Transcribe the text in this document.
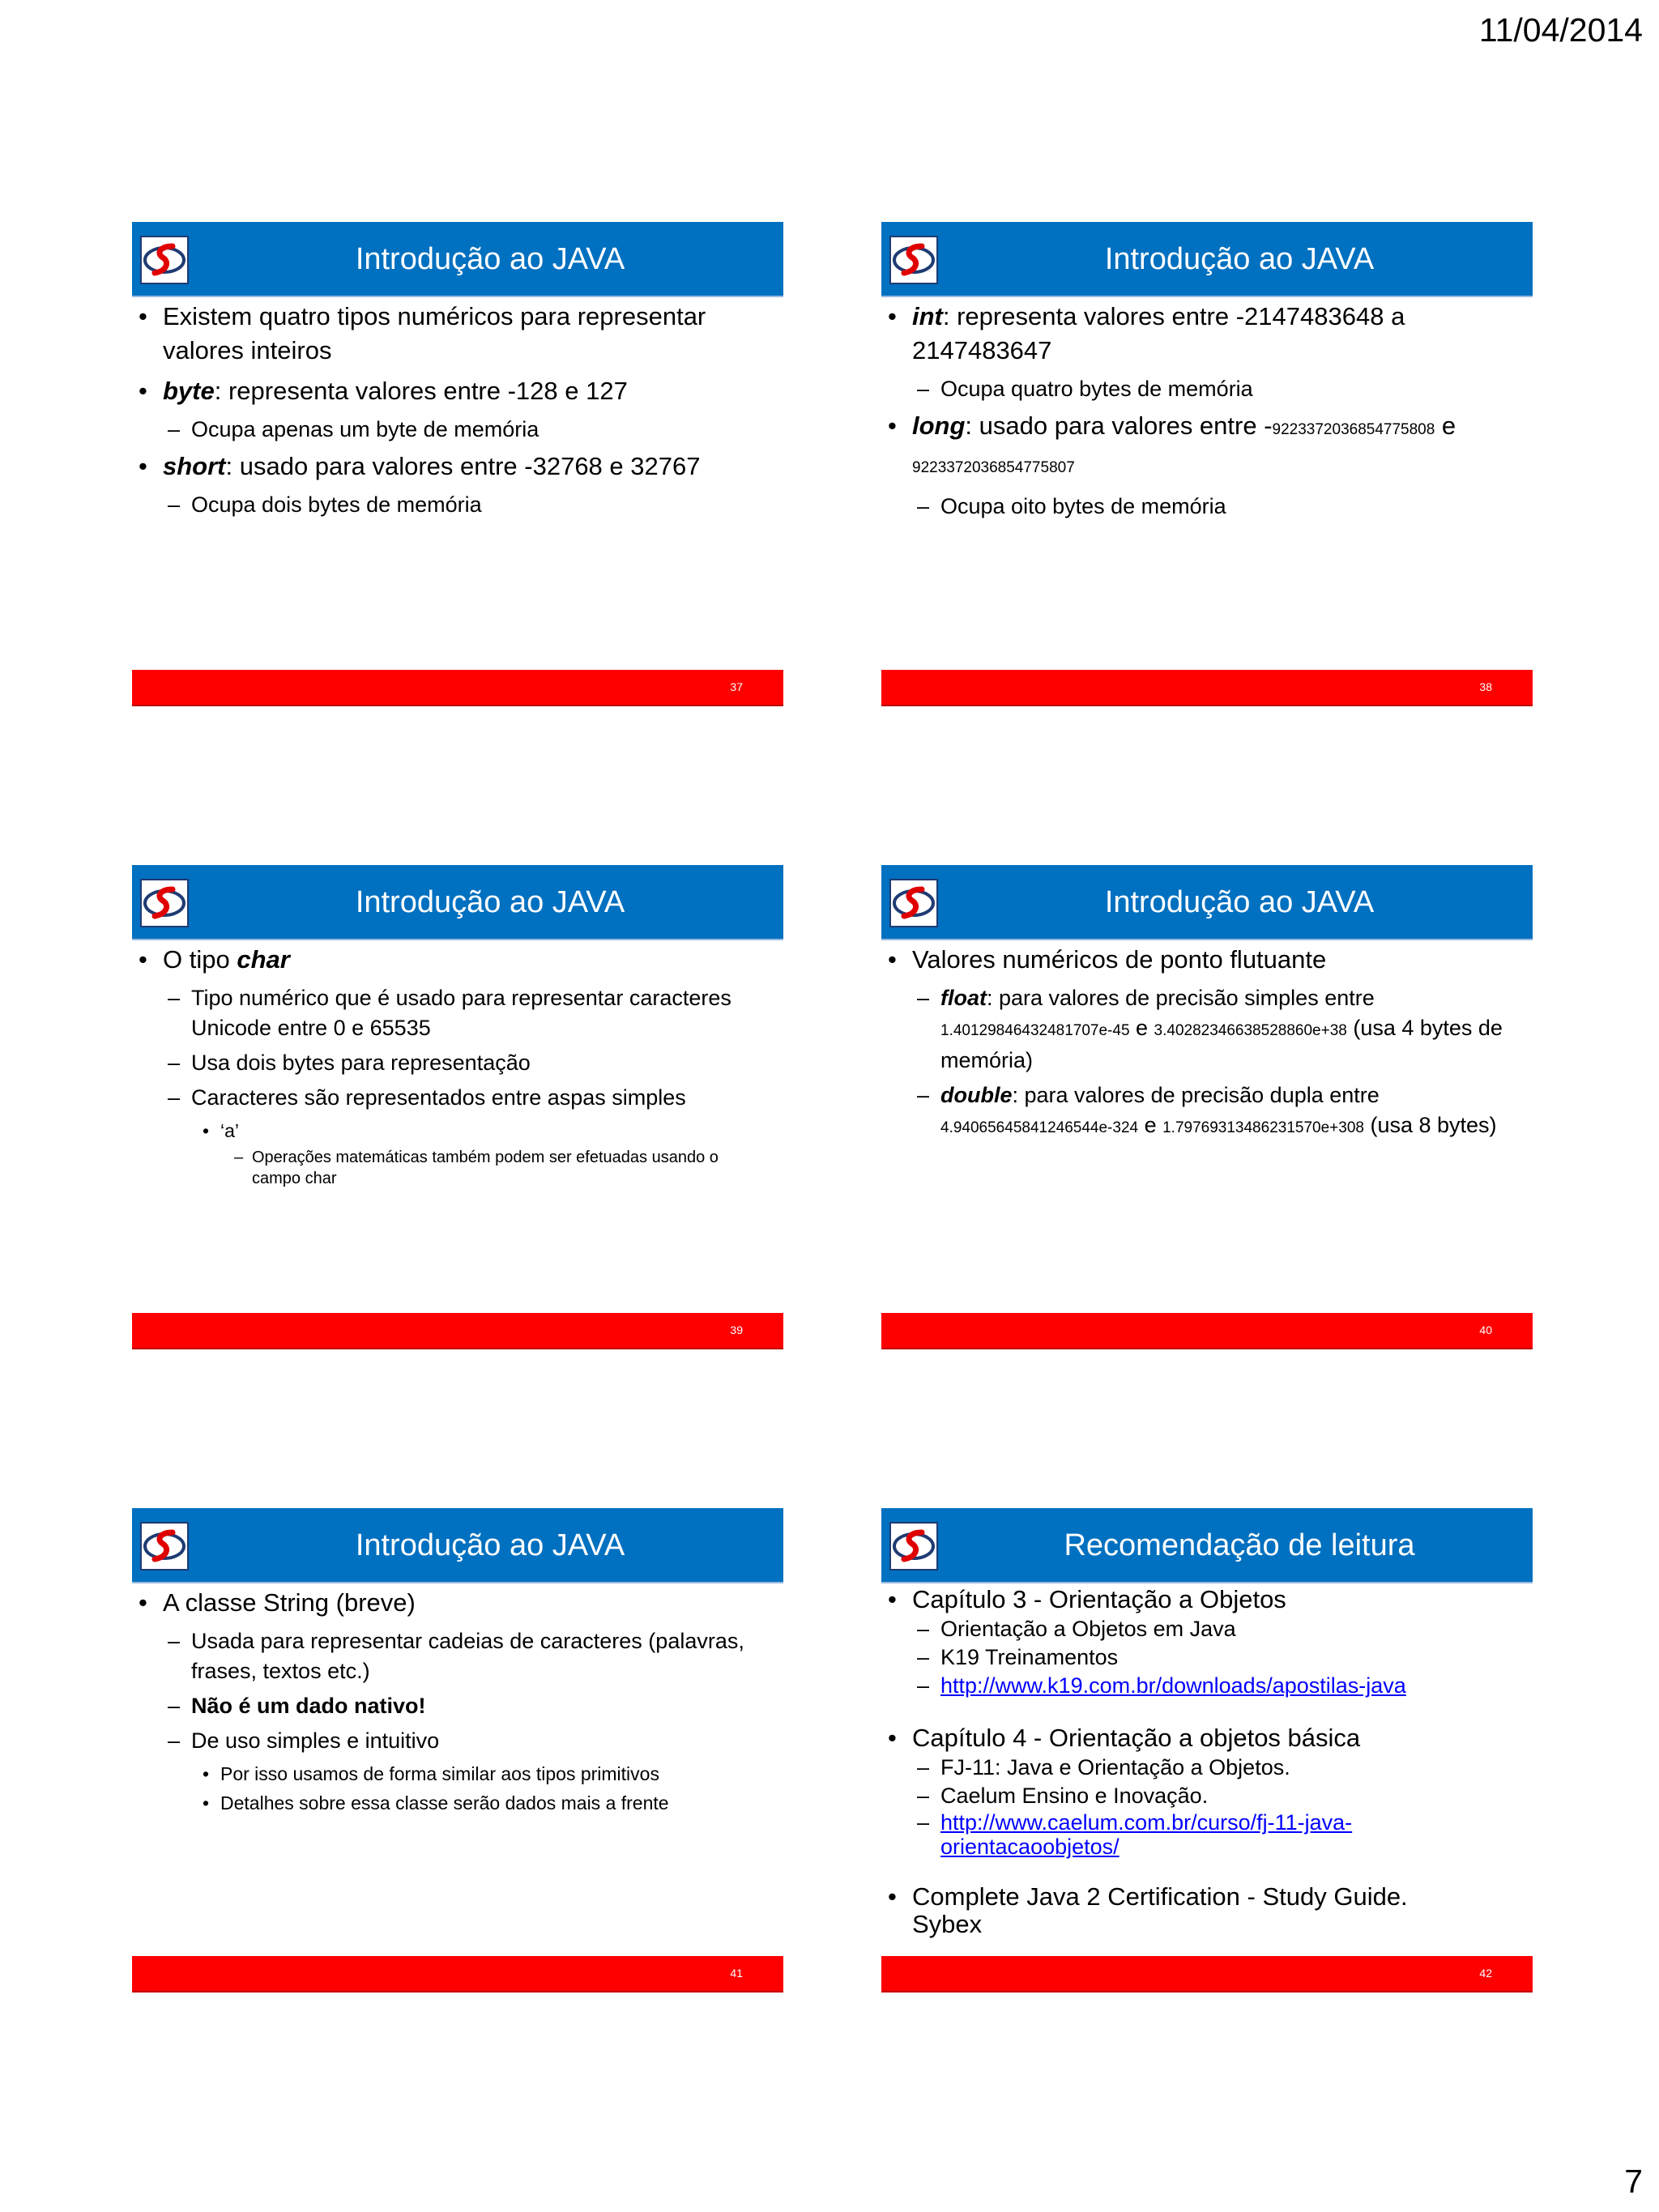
11/04/2014
Introdução ao JAVA
• Existem quatro tipos numéricos para representar valores inteiros
• byte: representa valores entre -128 e 127
– Ocupa apenas um byte de memória
• short: usado para valores entre -32768 e 32767
– Ocupa dois bytes de memória
37
Introdução ao JAVA
• int: representa valores entre -2147483648 a 2147483647
– Ocupa quatro bytes de memória
• long: usado para valores entre -9223372036854775808 e 9223372036854775807
– Ocupa oito bytes de memória
38
Introdução ao JAVA
• O tipo char
– Tipo numérico que é usado para representar caracteres Unicode entre 0 e 65535
– Usa dois bytes para representação
– Caracteres são representados entre aspas simples
• ‘a’
– Operações matemáticas também podem ser efetuadas usando o campo char
39
Introdução ao JAVA
• Valores numéricos de ponto flutuante
– float: para valores de precisão simples entre 1.40129846432481707e-45 e 3.40282346638528860e+38 (usa 4 bytes de memória)
– double: para valores de precisão dupla entre 4.94065645841246544e-324 e 1.79769313486231570e+308 (usa 8 bytes)
40
Introdução ao JAVA
• A classe String (breve)
– Usada para representar cadeias de caracteres (palavras, frases, textos etc.)
– Não é um dado nativo!
– De uso simples e intuitivo
• Por isso usamos de forma similar aos tipos primitivos
• Detalhes sobre essa classe serão dados mais a frente
41
Recomendação de leitura
• Capítulo 3 - Orientação a Objetos
– Orientação a Objetos em Java
– K19 Treinamentos
– http://www.k19.com.br/downloads/apostilas-java
• Capítulo 4 - Orientação a objetos básica
– FJ-11: Java e Orientação a Objetos.
– Caelum Ensino e Inovação.
– http://www.caelum.com.br/curso/fj-11-java-orientacaoobjetos/
• Complete Java 2 Certification - Study Guide. Sybex
42
7
